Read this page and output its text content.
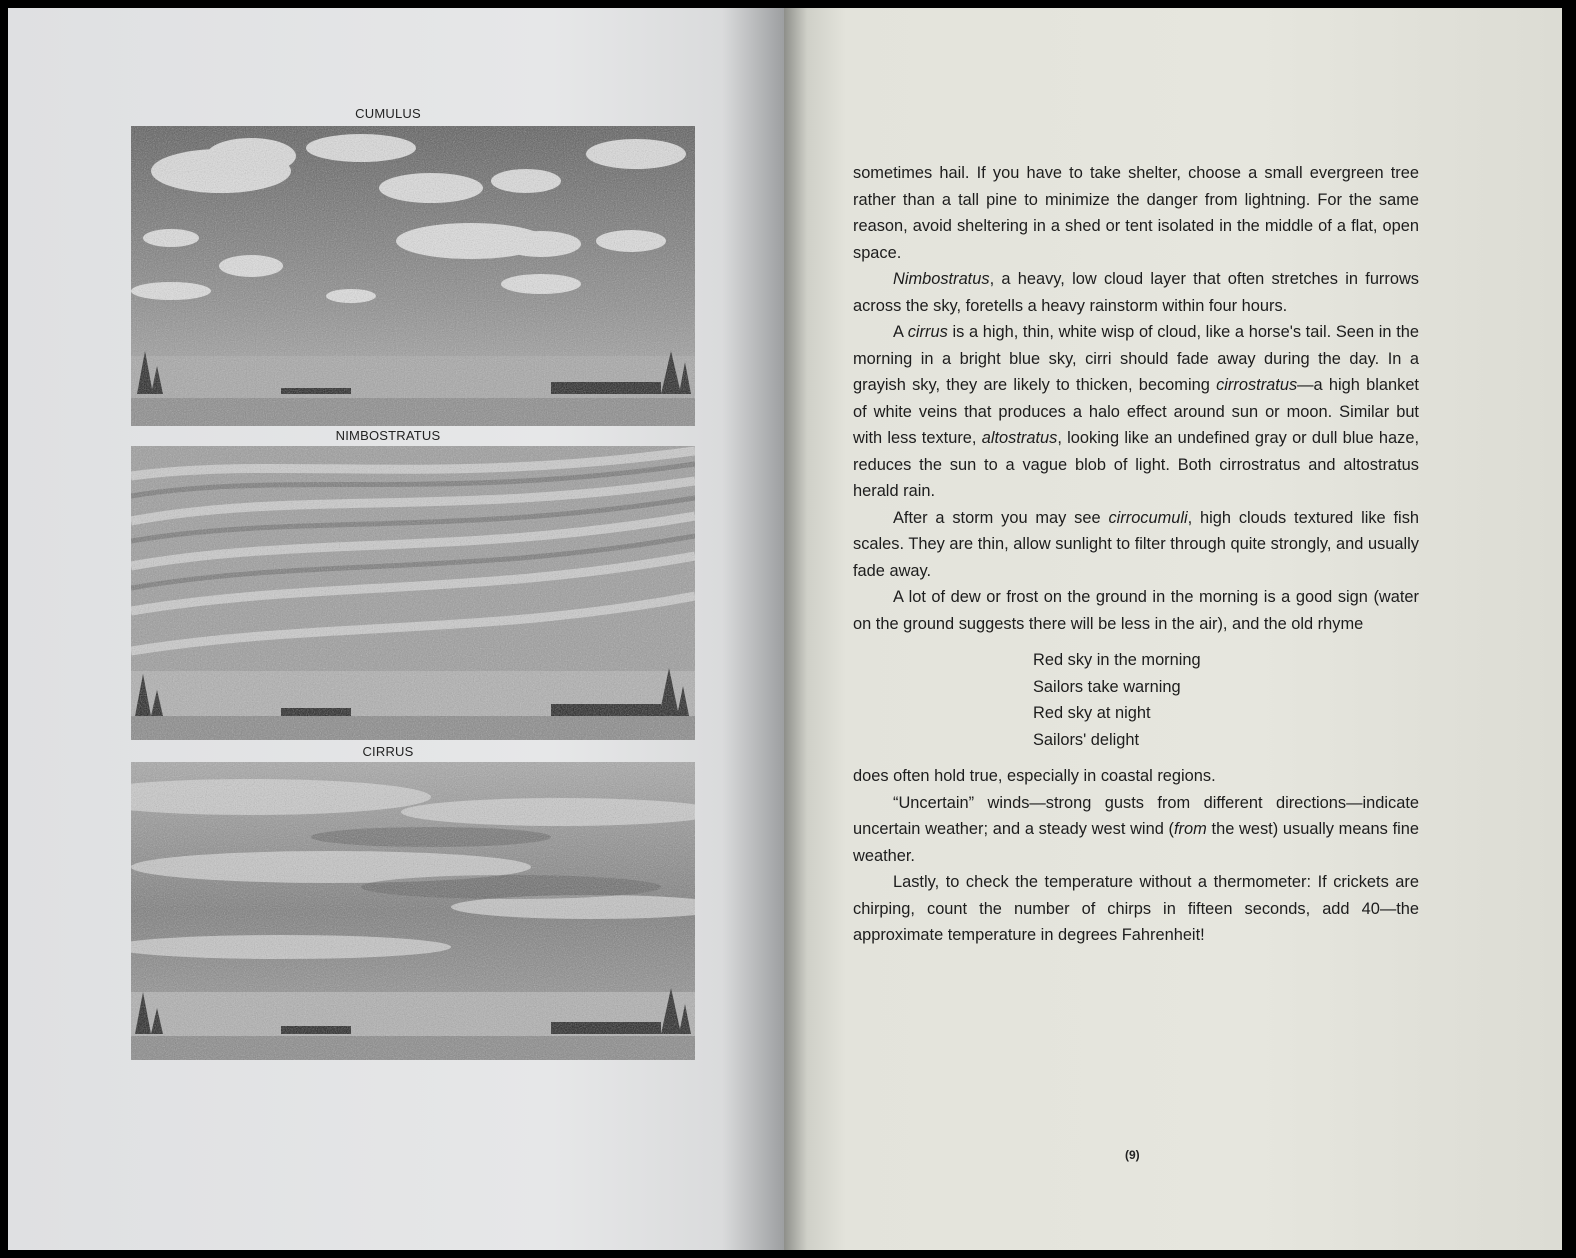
CUMULUS
NIMBOSTRATUS
CIRRUS

sometimes hail. If you have to take shelter, choose a small evergreen tree rather than a tall pine to minimize the danger from lightning. For the same reason, avoid sheltering in a shed or tent isolated in the middle of a flat, open space.

Nimbostratus, a heavy, low cloud layer that often stretches in furrows across the sky, foretells a heavy rainstorm within four hours.

A cirrus is a high, thin, white wisp of cloud, like a horse's tail. Seen in the morning in a bright blue sky, cirri should fade away during the day. In a grayish sky, they are likely to thicken, becoming cirrostratus—a high blanket of white veins that produces a halo effect around sun or moon. Similar but with less texture, altostratus, looking like an undefined gray or dull blue haze, reduces the sun to a vague blob of light. Both cirrostratus and altostratus herald rain.

After a storm you may see cirrocumuli, high clouds textured like fish scales. They are thin, allow sunlight to filter through quite strongly, and usually fade away.

A lot of dew or frost on the ground in the morning is a good sign (water on the ground suggests there will be less in the air), and the old rhyme

Red sky in the morning
Sailors take warning
Red sky at night
Sailors' delight

does often hold true, especially in coastal regions.

“Uncertain” winds—strong gusts from different directions—indicate uncertain weather; and a steady west wind (from the west) usually means fine weather.

Lastly, to check the temperature without a thermometer: If crickets are chirping, count the number of chirps in fifteen seconds, add 40—the approximate temperature in degrees Fahrenheit!

(9)
